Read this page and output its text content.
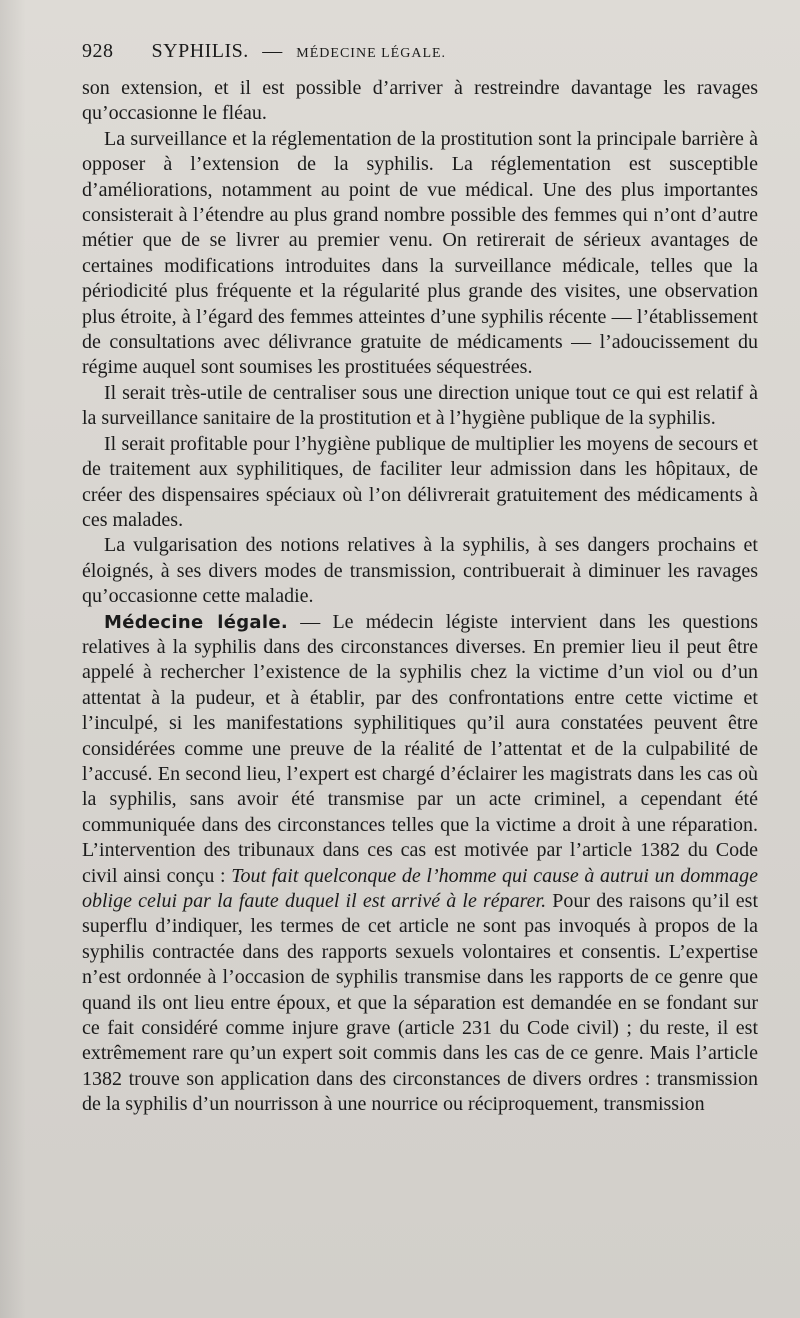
928 SYPHILIS. — MÉDECINE LÉGALE.

son extension, et il est possible d’arriver à restreindre davantage les ravages qu’occasionne le fléau.

La surveillance et la réglementation de la prostitution sont la principale barrière à opposer à l’extension de la syphilis. La réglementation est susceptible d’améliorations, notamment au point de vue médical. Une des plus importantes consisterait à l’étendre au plus grand nombre possible des femmes qui n’ont d’autre métier que de se livrer au premier venu. On retirerait de sérieux avantages de certaines modifications introduites dans la surveillance médicale, telles que la périodicité plus fréquente et la régularité plus grande des visites, une observation plus étroite, à l’égard des femmes atteintes d’une syphilis récente — l’établissement de consultations avec délivrance gratuite de médicaments — l’adoucissement du régime auquel sont soumises les prostituées séquestrées.

Il serait très-utile de centraliser sous une direction unique tout ce qui est relatif à la surveillance sanitaire de la prostitution et à l’hygiène publique de la syphilis.

Il serait profitable pour l’hygiène publique de multiplier les moyens de secours et de traitement aux syphilitiques, de faciliter leur admission dans les hôpitaux, de créer des dispensaires spéciaux où l’on délivrerait gratuitement des médicaments à ces malades.

La vulgarisation des notions relatives à la syphilis, à ses dangers prochains et éloignés, à ses divers modes de transmission, contribuerait à diminuer les ravages qu’occasionne cette maladie.

Médecine légale. — Le médecin légiste intervient dans les questions relatives à la syphilis dans des circonstances diverses. En premier lieu il peut être appelé à rechercher l’existence de la syphilis chez la victime d’un viol ou d’un attentat à la pudeur, et à établir, par des confrontations entre cette victime et l’inculpé, si les manifestations syphilitiques qu’il aura constatées peuvent être considérées comme une preuve de la réalité de l’attentat et de la culpabilité de l’accusé. En second lieu, l’expert est chargé d’éclairer les magistrats dans les cas où la syphilis, sans avoir été transmise par un acte criminel, a cependant été communiquée dans des circonstances telles que la victime a droit à une réparation. L’intervention des tribunaux dans ces cas est motivée par l’article 1382 du Code civil ainsi conçu : Tout fait quelconque de l’homme qui cause à autrui un dommage oblige celui par la faute duquel il est arrivé à le réparer. Pour des raisons qu’il est superflu d’indiquer, les termes de cet article ne sont pas invoqués à propos de la syphilis contractée dans des rapports sexuels volontaires et consentis. L’expertise n’est ordonnée à l’occasion de syphilis transmise dans les rapports de ce genre que quand ils ont lieu entre époux, et que la séparation est demandée en se fondant sur ce fait considéré comme injure grave (article 231 du Code civil) ; du reste, il est extrêmement rare qu’un expert soit commis dans les cas de ce genre. Mais l’article 1382 trouve son application dans des circonstances de divers ordres : transmission de la syphilis d’un nourrisson à une nourrice ou réciproquement, transmission
